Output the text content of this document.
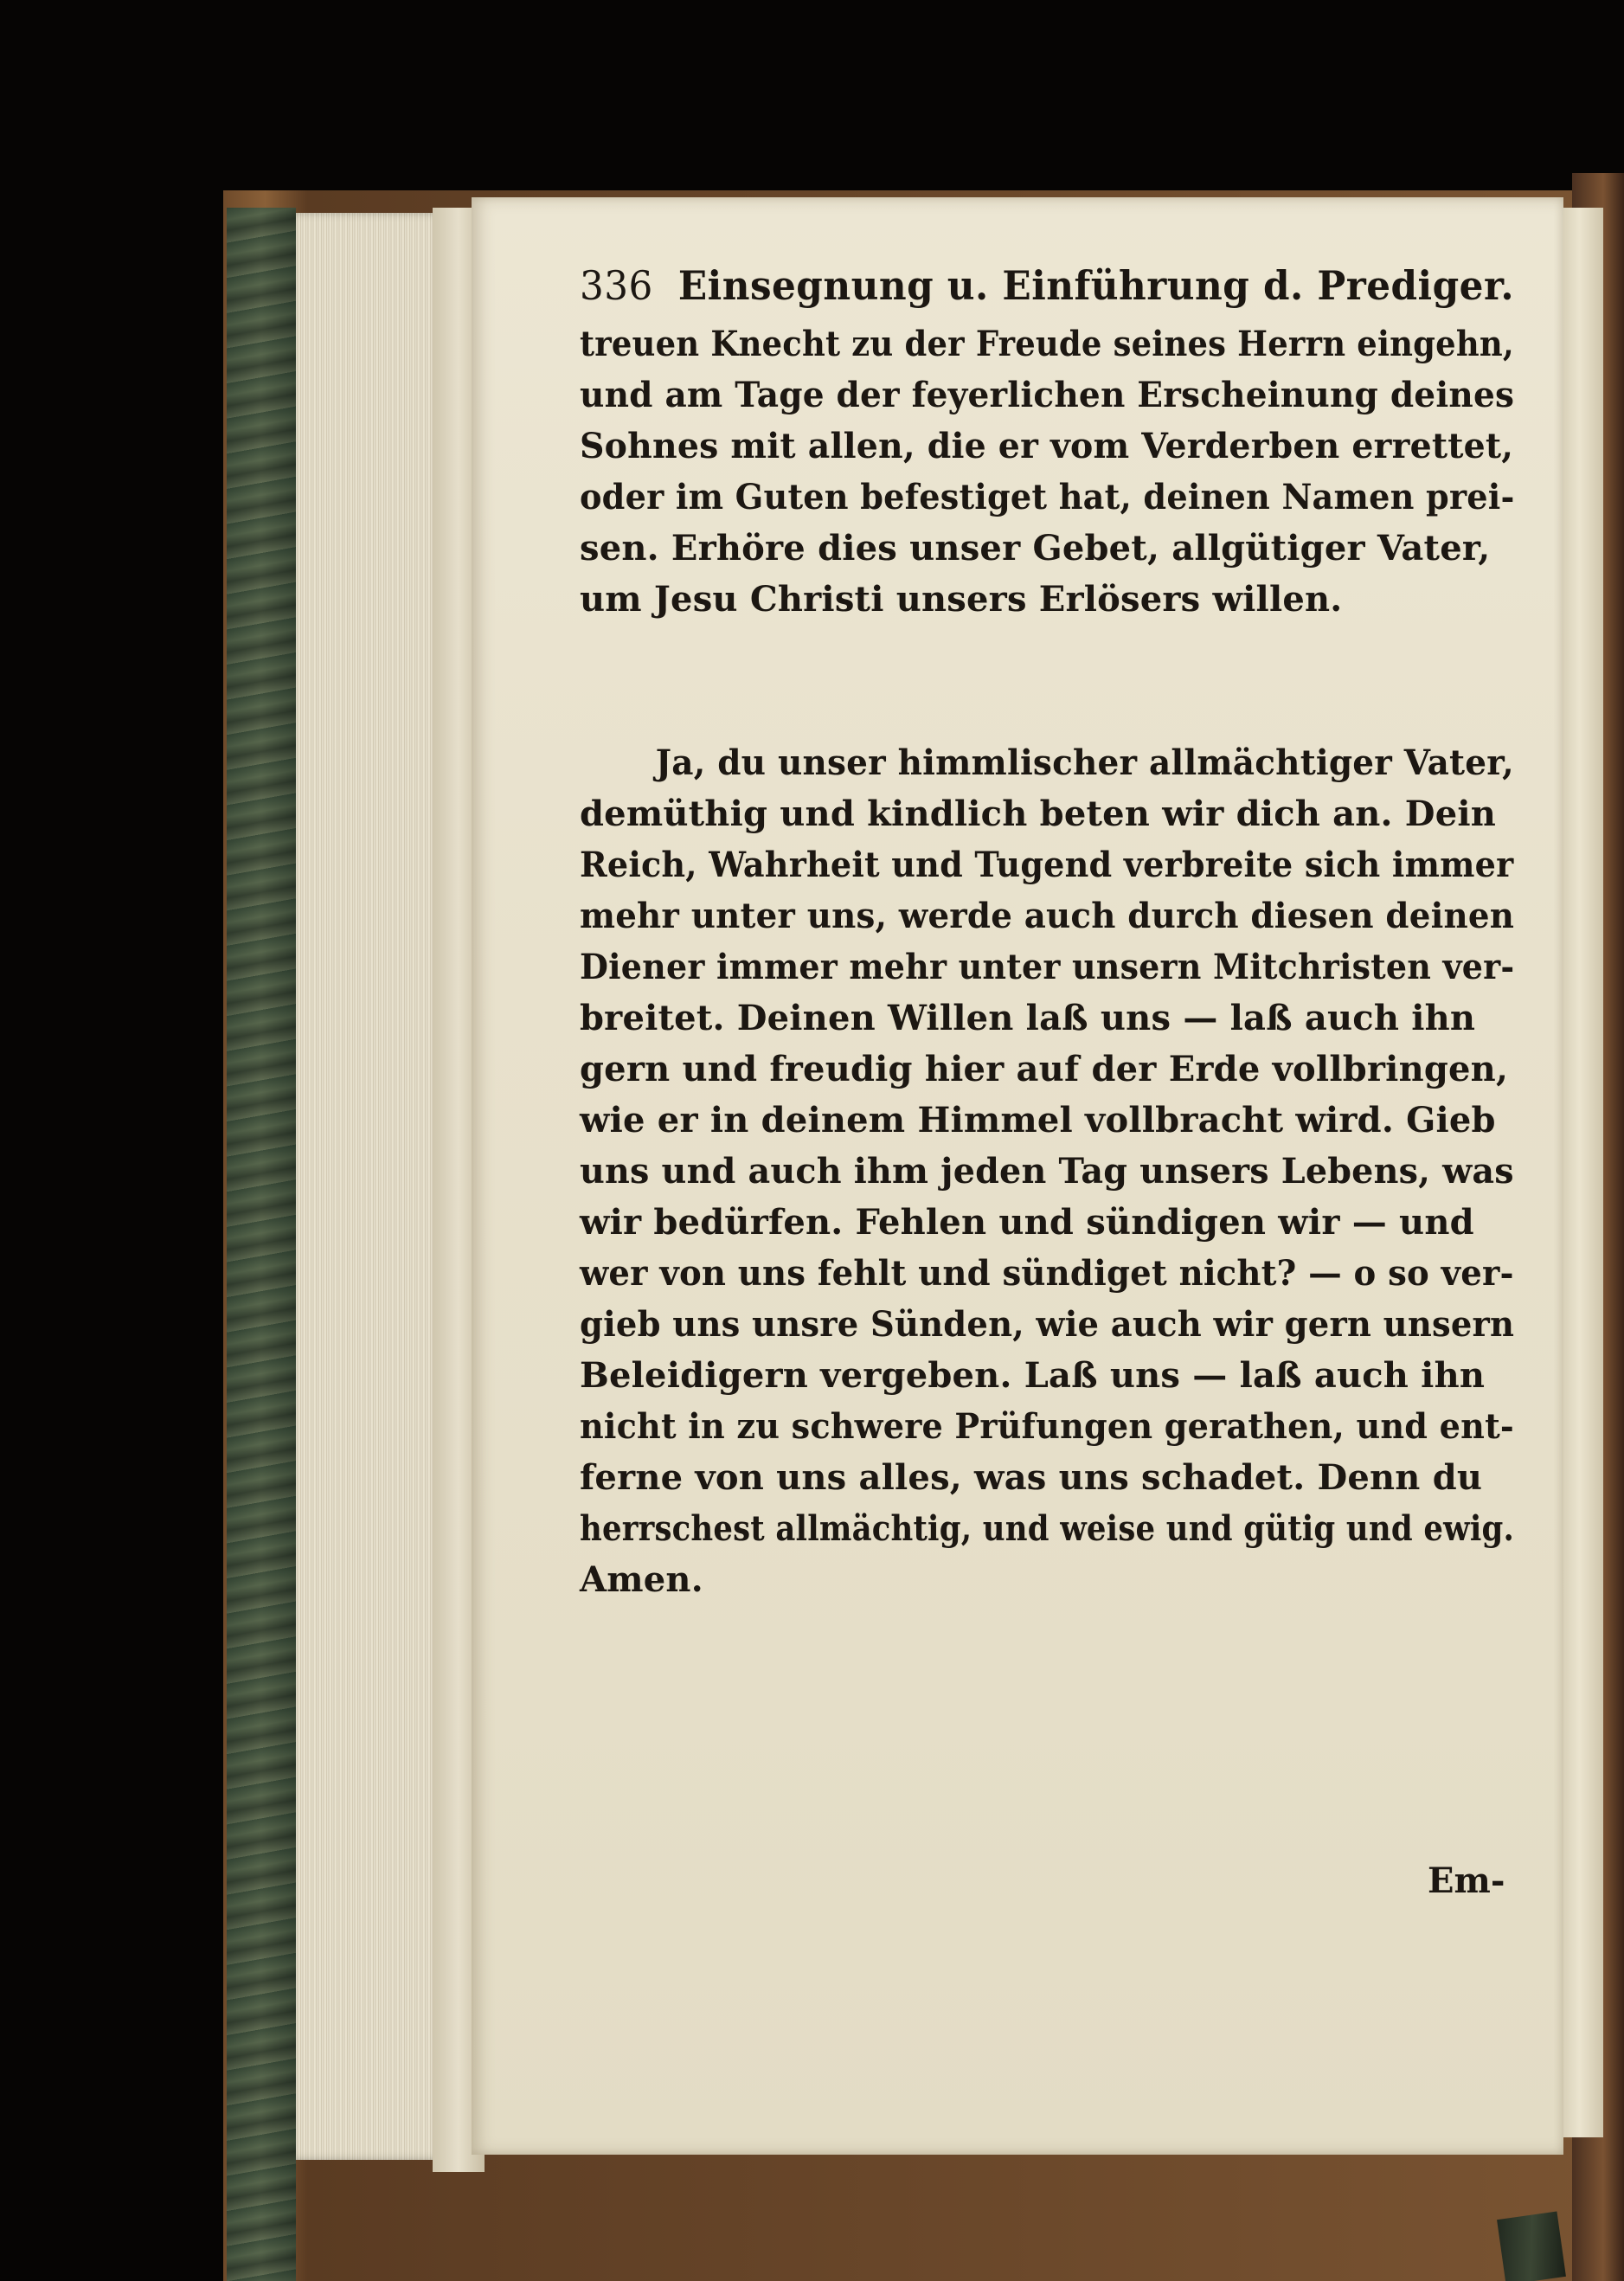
336 Einsegnung u. Einführung d. Prediger.
treuen Knecht zu der Freude seines Herrn eingehn,
und am Tage der feyerlichen Erscheinung deines
Sohnes mit allen, die er vom Verderben errettet,
oder im Guten befestiget hat, deinen Namen prei-
sen. Erhöre dies unser Gebet, allgütiger Vater,
um Jesu Christi unsers Erlösers willen.
Ja, du unser himmlischer allmächtiger Vater,
demüthig und kindlich beten wir dich an. Dein
Reich, Wahrheit und Tugend verbreite sich immer
mehr unter uns, werde auch durch diesen deinen
Diener immer mehr unter unsern Mitchristen ver-
breitet. Deinen Willen laß uns — laß auch ihn
gern und freudig hier auf der Erde vollbringen,
wie er in deinem Himmel vollbracht wird. Gieb
uns und auch ihm jeden Tag unsers Lebens, was
wir bedürfen. Fehlen und sündigen wir — und
wer von uns fehlt und sündiget nicht? — o so ver-
gieb uns unsre Sünden, wie auch wir gern unsern
Beleidigern vergeben. Laß uns — laß auch ihn
nicht in zu schwere Prüfungen gerathen, und ent-
ferne von uns alles, was uns schadet. Denn du
herrschest allmächtig, und weise und gütig und ewig.
Amen.
Em-
